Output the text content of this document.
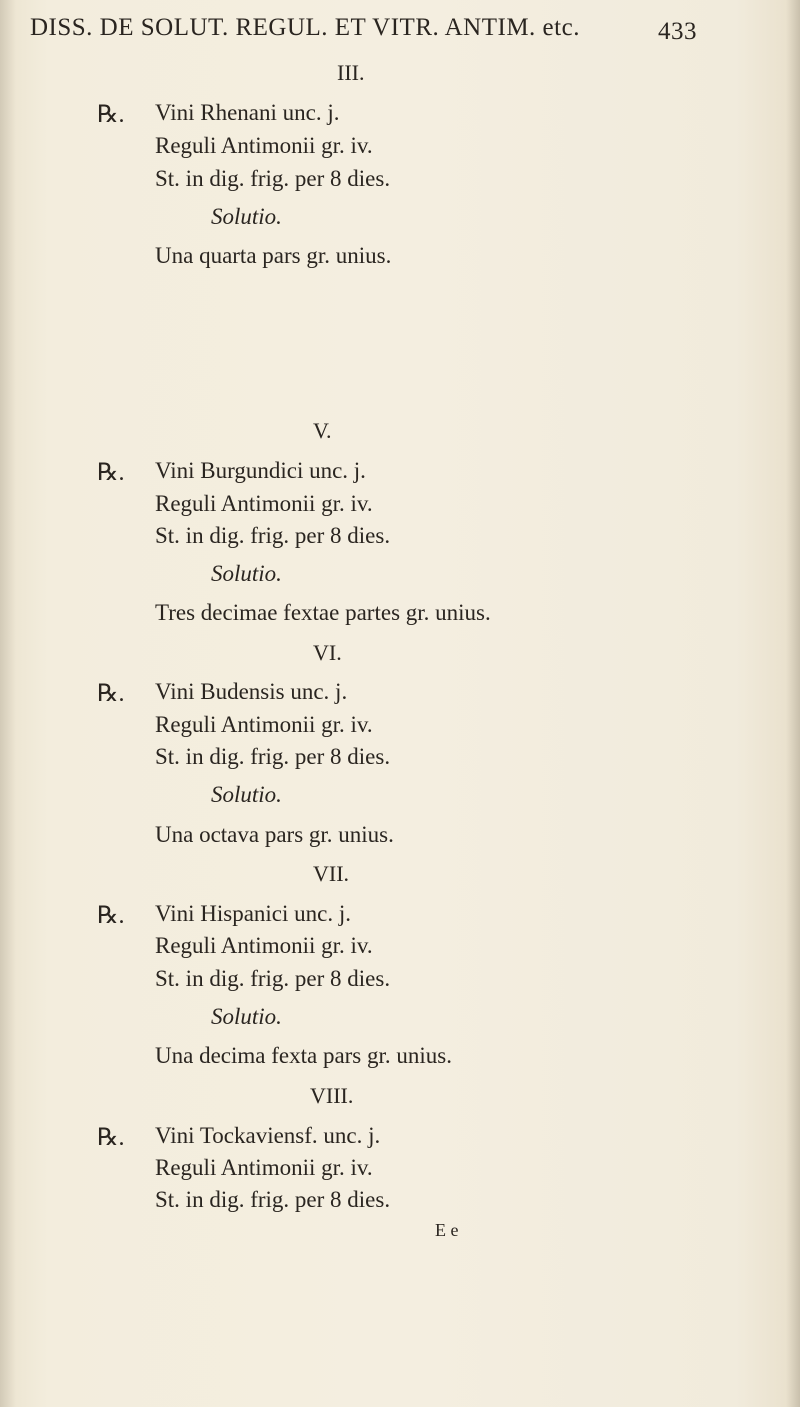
DISS. DE SOLUT. REGUL. ET VITR. ANTIM. etc.	433
III.
℞. Vini Rhenani unc. j.
Reguli Antimonii gr. iv.
St. in dig. frig. per 8 dies.
Solutio.
Una quarta pars gr. unius.
V.
℞. Vini Burgundici unc. j.
Reguli Antimonii gr. iv.
St. in dig. frig. per 8 dies.
Solutio.
Tres decimae fextae partes gr. unius.
VI.
℞. Vini Budensis unc. j.
Reguli Antimonii gr. iv.
St. in dig. frig. per 8 dies.
Solutio.
Una octava pars gr. unius.
VII.
℞. Vini Hispanici unc. j.
Reguli Antimonii gr. iv.
St. in dig. frig. per 8 dies.
Solutio.
Una decima fexta pars gr. unius.
VIII.
℞. Vini Tockaviensf. unc. j.
Reguli Antimonii gr. iv.
St. in dig. frig. per 8 dies.
E e
